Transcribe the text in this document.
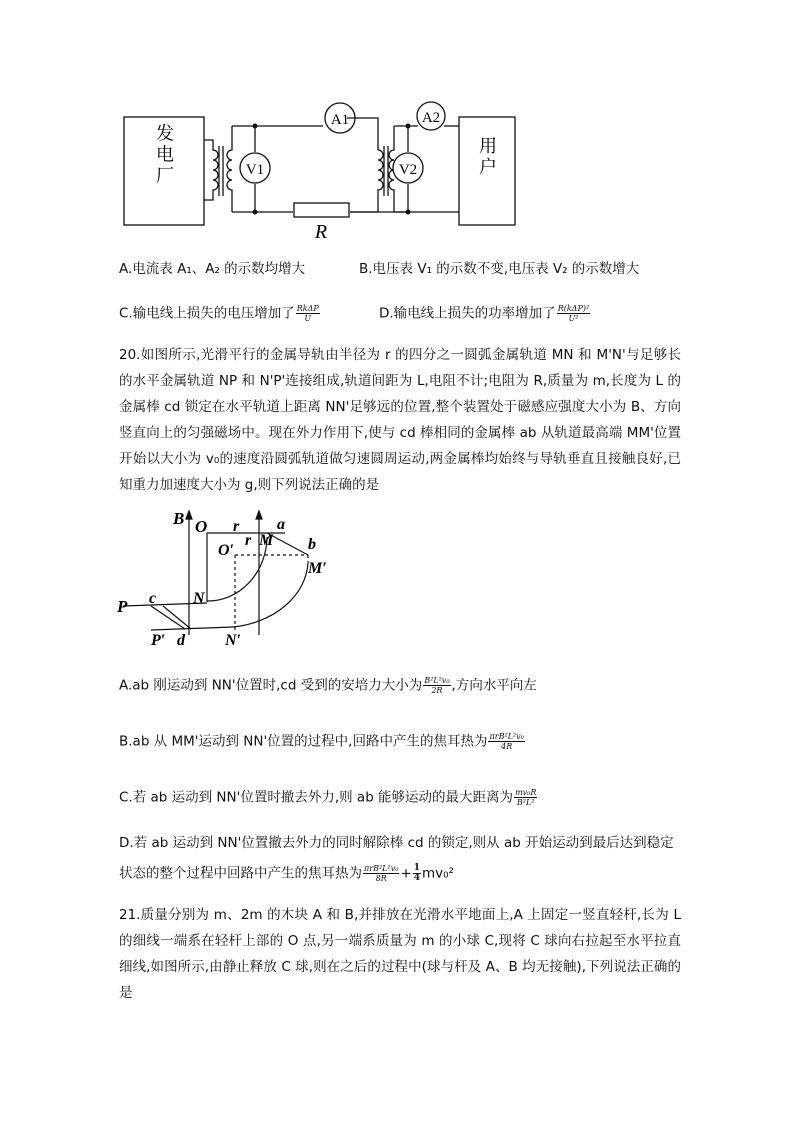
发电厂	用户
V1
A1
V2
A2
R
A.电流表 A₁、A₂ 的示数均增大	B.电压表 V₁ 的示数不变,电压表 V₂ 的示数增大
C.输电线上损失的电压增加了 $\frac{\text{RkΔP}}{U}$	D.输电线上损失的功率增加了 $\frac{\text{R(kΔP)²}}{\text{U²}}$
20.如图所示,光滑平行的金属导轨由半径为 r 的四分之一圆弧金属轨道 MN 和 M'N'与足够长的水平金属轨道 NP 和 N'P'连接组成,轨道间距为 L,电阻不计;电阻为 R,质量为 m,长度为 L 的金属棒 cd 锁定在水平轨道上距离 NN'足够远的位置,整个装置处于磁感应强度大小为 B、方向竖直向上的匀强磁场中。现在外力作用下,使与 cd 棒相同的金属棒 ab 从轨道最高端 MM'位置开始以大小为 v₀的速度沿圆弧轨道做匀速圆周运动,两金属棒均始终与导轨垂直且接触良好,已知重力加速度大小为 g,则下列说法正确的是
B O r a
O′
r M b
M′
N
c
P
P′ d	N′
A.ab 刚运动到 NN'位置时,cd 受到的安培力大小为 $\frac{\text{B²L²v₀}}{2R}$ ,方向水平向左
B.ab 从 MM'运动到 NN'位置的过程中,回路中产生的焦耳热为 $\frac{\text{πrB²L²v₀}}{4R}$
C.若 ab 运动到 NN'位置时撤去外力,则 ab 能够运动的最大距离为 $\frac{\text{mv₀R}}{\text{B²L²}}$
D.若 ab 运动到 NN'位置撤去外力的同时解除棒 cd 的锁定,则从 ab 开始运动到最后达到稳定
状态的整个过程中回路中产生的焦耳热为 $\frac{\text{πrB²L²v₀}}{8R} + \frac{1}{4} mv_0^2$
21.质量分别为 m、2m 的木块 A 和 B,并排放在光滑水平地面上,A 上固定一竖直轻杆,长为 L 的细线一端系在轻杆上部的 O 点,另一端系质量为 m 的小球 C,现将 C 球向右拉起至水平拉直细线,如图所示,由静止释放 C 球,则在之后的过程中(球与杆及 A、B 均无接触),下列说法正确的是
